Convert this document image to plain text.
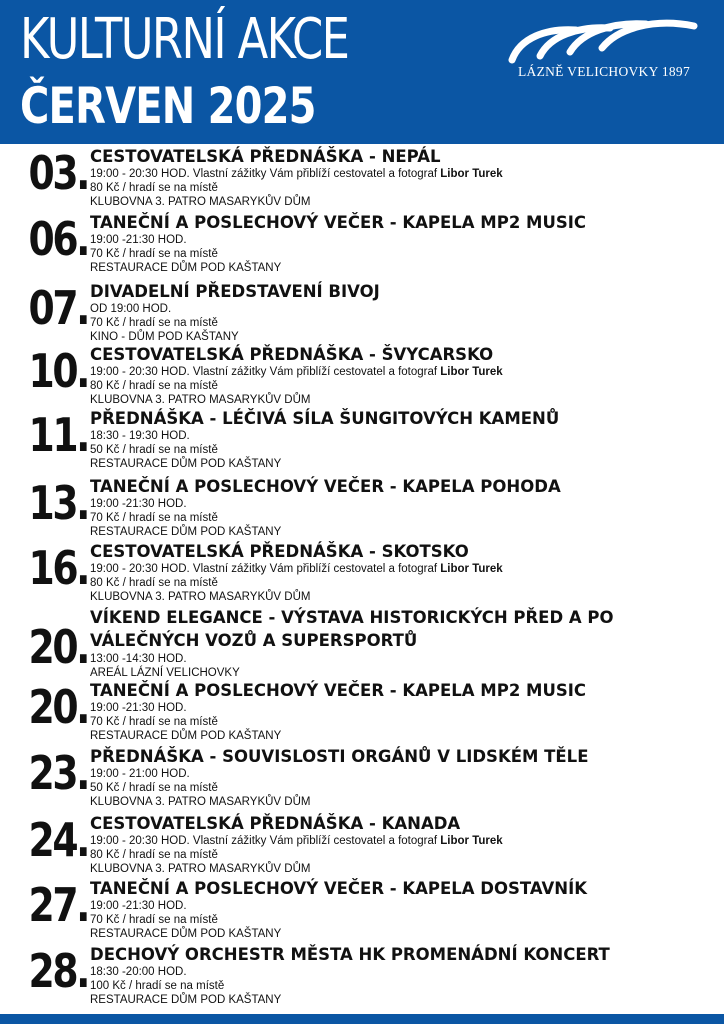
KULTURNÍ AKCE
ČERVEN 2025
LÁZNĚ VELICHOVKY 1897
03. CESTOVATELSKÁ PŘEDNÁŠKA - NEPÁL
19:00 - 20:30 HOD. Vlastní zážitky Vám přiblíží cestovatel a fotograf Libor Turek
80 Kč / hradí se na místě
KLUBOVNA 3. PATRO MASARYKŮV DŮM
06. TANEČNÍ A POSLECHOVÝ VEČER - KAPELA MP2 MUSIC
19:00 -21:30 HOD.
70 Kč / hradí se na místě
RESTAURACE DŮM POD KAŠTANY
07. DIVADELNÍ PŘEDSTAVENÍ BIVOJ
OD 19:00 HOD.
70 Kč / hradí se na místě
KINO - DŮM POD KAŠTANY
10. CESTOVATELSKÁ PŘEDNÁŠKA - ŠVYCARSKO
19:00 - 20:30 HOD. Vlastní zážitky Vám přiblíží cestovatel a fotograf Libor Turek
80 Kč / hradí se na místě
KLUBOVNA 3. PATRO MASARYKŮV DŮM
11. PŘEDNÁŠKA - LÉČIVÁ SÍLA ŠUNGITOVÝCH KAMENŮ
18:30 - 19:30 HOD.
50 Kč / hradí se na místě
RESTAURACE DŮM POD KAŠTANY
13. TANEČNÍ A POSLECHOVÝ VEČER - KAPELA POHODA
19:00 -21:30 HOD.
70 Kč / hradí se na místě
RESTAURACE DŮM POD KAŠTANY
16. CESTOVATELSKÁ PŘEDNÁŠKA - SKOTSKO
19:00 - 20:30 HOD. Vlastní zážitky Vám přiblíží cestovatel a fotograf Libor Turek
80 Kč / hradí se na místě
KLUBOVNA 3. PATRO MASARYKŮV DŮM
20.
VÍKEND ELEGANCE - VÝSTAVA HISTORICKÝCH PŘED A PO VÁLEČNÝCH VOZŮ A SUPERSPORTŮ
13:00 -14:30 HOD.
AREÁL LÁZNÍ VELICHOVKY
20. TANEČNÍ A POSLECHOVÝ VEČER - KAPELA MP2 MUSIC
19:00 -21:30 HOD.
70 Kč / hradí se na místě
RESTAURACE DŮM POD KAŠTANY
23. PŘEDNÁŠKA - SOUVISLOSTI ORGÁNŮ V LIDSKÉM TĚLE
19:00 - 21:00 HOD.
50 Kč / hradí se na místě
KLUBOVNA 3. PATRO MASARYKŮV DŮM
24. CESTOVATELSKÁ PŘEDNÁŠKA - KANADA
19:00 - 20:30 HOD. Vlastní zážitky Vám přiblíží cestovatel a fotograf Libor Turek
80 Kč / hradí se na místě
KLUBOVNA 3. PATRO MASARYKŮV DŮM
27. TANEČNÍ A POSLECHOVÝ VEČER - KAPELA DOSTAVNÍK
19:00 -21:30 HOD.
70 Kč / hradí se na místě
RESTAURACE DŮM POD KAŠTANY
28. DECHOVÝ ORCHESTR MĚSTA HK PROMENÁDNÍ KONCERT
18:30 -20:00 HOD.
100 Kč / hradí se na místě
RESTAURACE DŮM POD KAŠTANY
